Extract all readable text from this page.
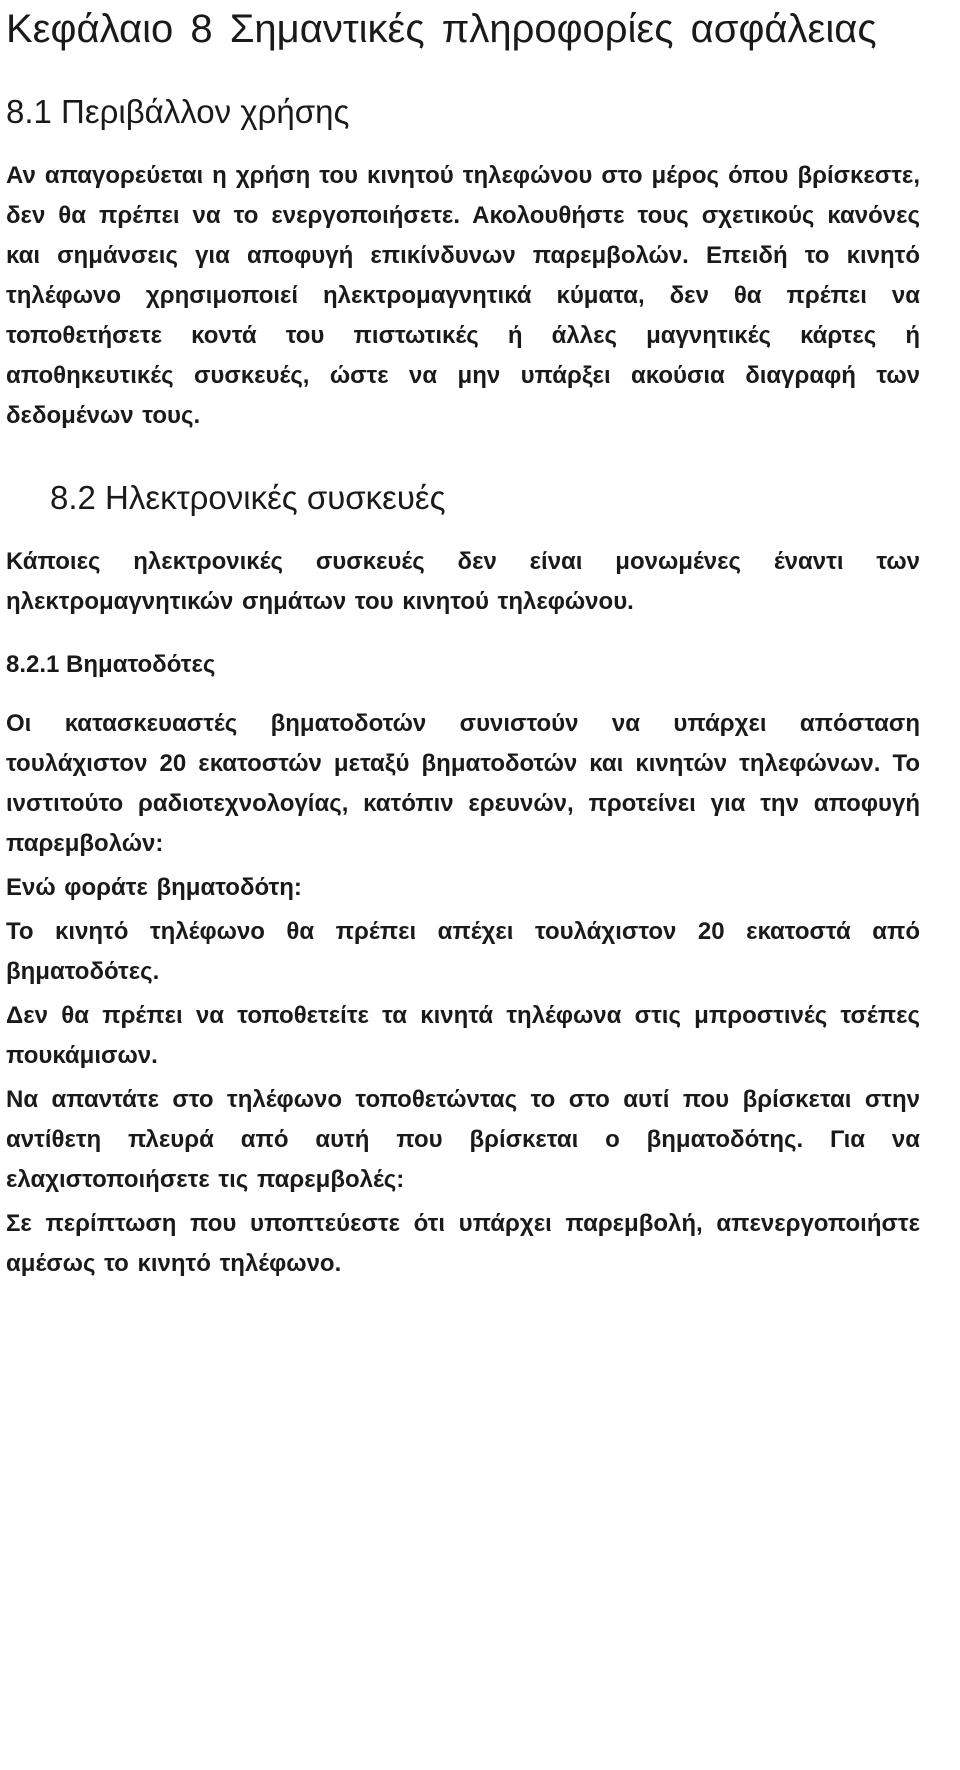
Κεφάλαιο 8 Σημαντικές πληροφορίες ασφάλειας
8.1 Περιβάλλον χρήσης

Αν απαγορεύεται η χρήση του κινητού τηλεφώνου στο μέρος όπου βρίσκεστε, δεν θα πρέπει να το ενεργοποιήσετε. Ακολουθήστε τους σχετικούς κανόνες και σημάνσεις για αποφυγή επικίνδυνων παρεμβολών. Επειδή το κινητό τηλέφωνο χρησιμοποιεί ηλεκτρομαγνητικά κύματα, δεν θα πρέπει να τοποθετήσετε κοντά του πιστωτικές ή άλλες μαγνητικές κάρτες ή αποθηκευτικές συσκευές, ώστε να μην υπάρξει ακούσια διαγραφή των δεδομένων τους.

8.2 Ηλεκτρονικές συσκευές

Κάποιες ηλεκτρονικές συσκευές δεν είναι μονωμένες έναντι των ηλεκτρομαγνητικών σημάτων του κινητού τηλεφώνου.

8.2.1 Βηματοδότες

Οι κατασκευαστές βηματοδοτών συνιστούν να υπάρχει απόσταση τουλάχιστον 20 εκατοστών μεταξύ βηματοδοτών και κινητών τηλεφώνων. Το ινστιτούτο ραδιοτεχνολογίας, κατόπιν ερευνών, προτείνει για την αποφυγή παρεμβολών:

Ενώ φοράτε βηματοδότη:

Το κινητό τηλέφωνο θα πρέπει απέχει τουλάχιστον 20 εκατοστά από βηματοδότες.

Δεν θα πρέπει να τοποθετείτε τα κινητά τηλέφωνα στις μπροστινές τσέπες πουκάμισων.

Να απαντάτε στο τηλέφωνο τοποθετώντας το στο αυτί που βρίσκεται στην αντίθετη πλευρά από αυτή που βρίσκεται ο βηματοδότης. Για να ελαχιστοποιήσετε τις παρεμβολές:

Σε περίπτωση που υποπτεύεστε ότι υπάρχει παρεμβολή, απενεργοποιήστε αμέσως το κινητό τηλέφωνο.
